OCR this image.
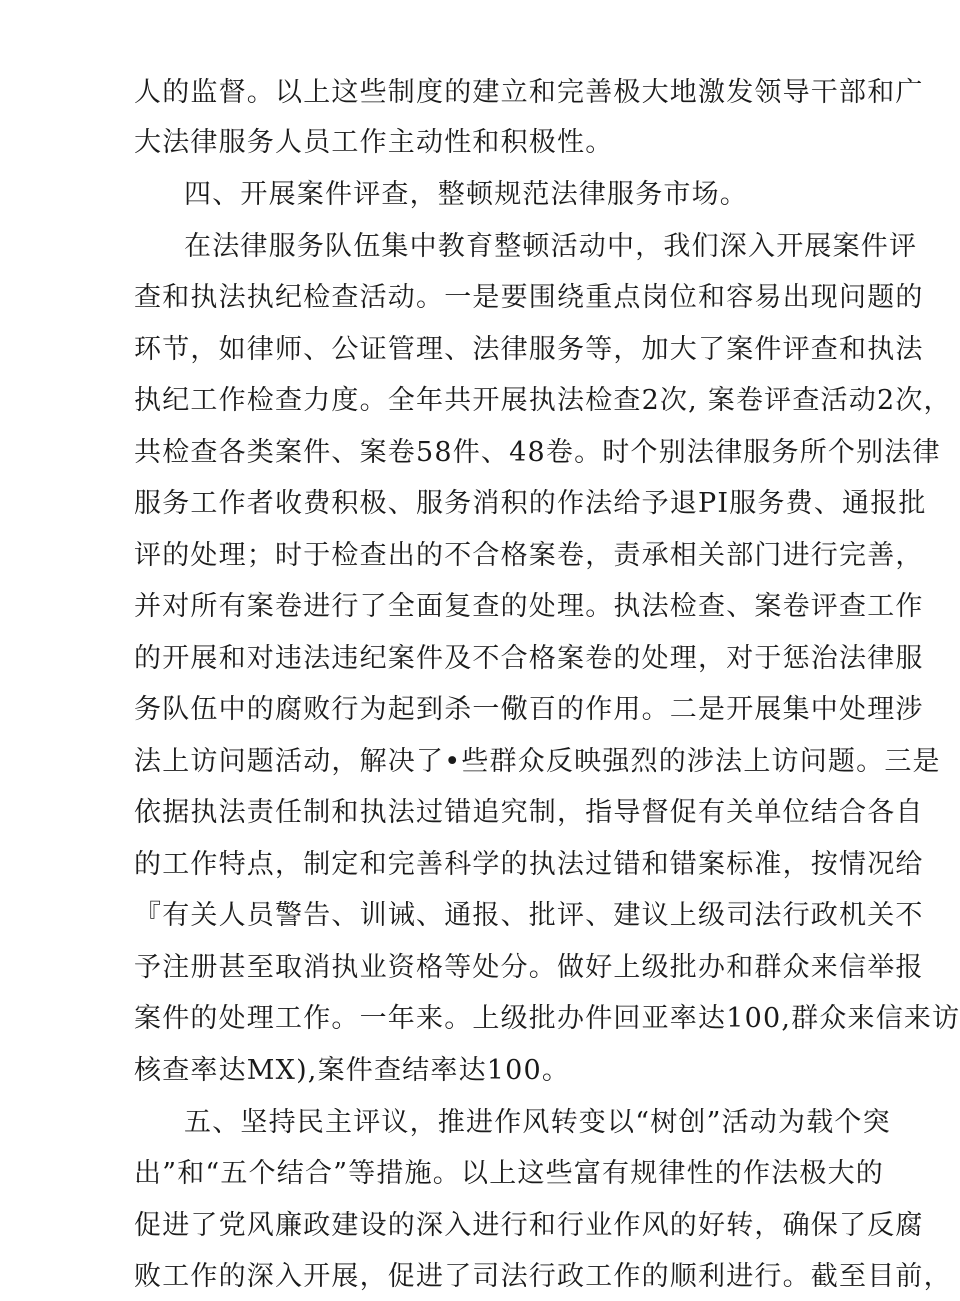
人的监督。以上这些制度的建立和完善极大地激发领导干部和广
大法律服务人员工作主动性和积极性。
四、开展案件评查，整顿规范法律服务市场。
在法律服务队伍集中教育整顿活动中，我们深入开展案件评
查和执法执纪检查活动。一是要围绕重点岗位和容易出现问题的
环节，如律师、公证管理、法律服务等，加大了案件评查和执法
执纪工作检查力度。全年共开展执法检查2次, 案卷评查活动2次，
共检查各类案件、案卷58件、48卷。时个别法律服务所个别法律
服务工作者收费积极、服务消积的作法给予退PI服务费、通报批
评的处理；时于检查出的不合格案卷，责承相关部门进行完善，
并对所有案卷进行了全面复查的处理。执法检查、案卷评查工作
的开展和对违法违纪案件及不合格案卷的处理，对于惩治法律服
务队伍中的腐败行为起到杀一儆百的作用。二是开展集中处理涉
法上访问题活动，解决了•些群众反映强烈的涉法上访问题。三是
依据执法责任制和执法过错追究制，指导督促有关单位结合各自
的工作特点，制定和完善科学的执法过错和错案标准，按情况给
『有关人员警告、训诫、通报、批评、建议上级司法行政机关不
予注册甚至取消执业资格等处分。做好上级批办和群众来信举报
案件的处理工作。一年来。上级批办件回亚率达100,群众来信来访
核查率达MX),案件查结率达100。
五、坚持民主评议，推进作风转变以“树创”活动为载个突
出”和“五个结合”等措施。以上这些富有规律性的作法极大的
促进了党风廉政建设的深入进行和行业作风的好转，确保了反腐
败工作的深入开展，促进了司法行政工作的顺利进行。截至目前，
